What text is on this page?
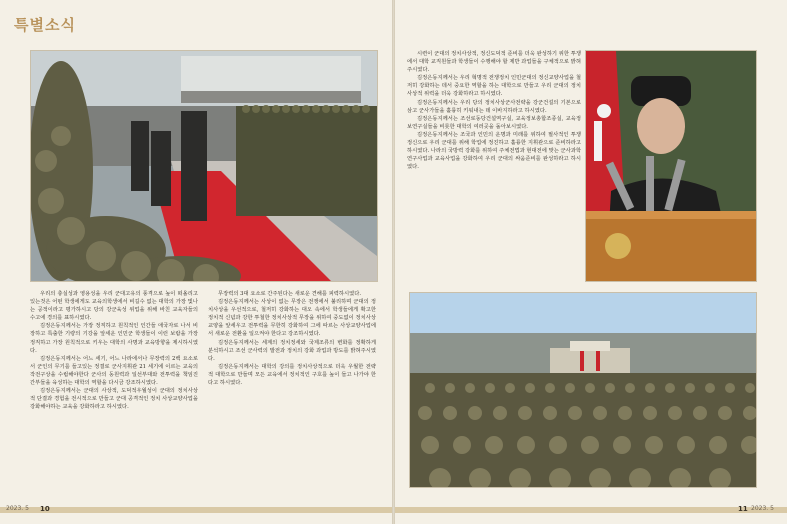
특별소식

우리의 충실성과 영용성을 우리 군대고유의 풍격으로 높이 떠올리고있는것은 어떤 학생에게도 교육의학생에서 비길수 없는 대학의 가장 빛나는 공적이라고 평가하시고 당의 강군육성 위업을 위해 바친 교육자들의 수고에 경의를 표하시였다.

김정은동지께서는 가장 정직하고 원칙적인 인간들 애국자로 나서 비장하고 특출한 기량의 기강을 앞세운 인민군 학생들이 이런 보람을 가장 정직하고 가장 원칙적으로 키우는 대학의 사명과 교육방향을 제시하시였다.

김정은동지께서는 어느 세기, 어느 나라에서나 무장력의 2백 요소로서 군인의 무기를 들고있는 정결로 군사지휘관 21 세기에 이르는 교육의 작전구상을 수립해야한다 군사의 동원력과 일선부대와 전투력을 책임진 간부들을 육성하는 대학의 역할을 다시금 강조하시였다.

김정은동지께서는 군대의 사상적, 도덕적우월성이 군대의 정치사상적 단결과 경험을 전시적으로 만들고 군대 공격적인 정치 사상교양사업을 강화해야하는 교육을 강화하라고 하시였다.

무장력의 3대 요소로 간주된다는 새로운 견해를 피력하시였다.

김정은동지께서는 사상이 없는 무장은 전쟁에서 불리하며 군대의 정치사상을 우선적으로, 철저히 강화하는 대오 속에서 학생들에게 확고한 정치적 신념과 강한 투철한 정치사상적 무장을 위하여 중도없이 정치사상교양을 앞세우고 전투력을 무한히 강화하여 그에 따르는 사상교양사업에서 새로운 전환을 일으켜야 한다고 강조하시였다.

김정은동지께서는 세계의 정치정세와 국제조류의 변화를 정확하게 분석하시고 조선 군사력의 발전과 정치의 강화 과업과 방도를 밝혀주시였다.

김정은동지께서는 대학의 강의를 정치사상적으로 더욱 우월한 전략적 대학으로 만들며 모든 교육에서 정치적인 구호를 높이 들고 나가야 한다고 하시였다.

2023. 5 10

시련이 군대의 정치사상적, 정신도덕적 준비를 더욱 완성하기 위한 투쟁에서 대학 교직원들과 학생들이 수행해야 할 제반 과업들을 구체적으로 밝혀주시였다.

김정은동지께서는 우리 혁명적 전쟁정치 인민군대의 정신교양사업을 철저히 강화하는 데서 중요한 역할을 하는 대학으로 만들고 우리 군대의 정치사상적 위력을 더욱 강화하라고 하시였다.

김정은동지께서는 우리 당의 정치사상군사전략을 강군건설의 기본으로 삼고 군사가들을 훌륭히 키워내는 데 이바지하라고 하시였다.

김정은동지께서는 조선로동당건설역구실, 교육정보총합조종실, 교육정보연구실들을 비롯한 대학의 여러곳을 돌아보시였다.

김정은동지께서는 조국과 인민의 운명과 미래를 위하여 필사적인 투쟁정신으로 우리 군대를 위해 학업에 정진하고 훌륭한 지휘관으로 준비하라고 하시였다. 나라의 국방력 강화를 위하여 주체전법과 현대전에 맞는 군사과학 연구사업과 교육사업을 강화하여 우리 군대의 싸움준비를 완성하라고 하시였다.

11 2023. 5
